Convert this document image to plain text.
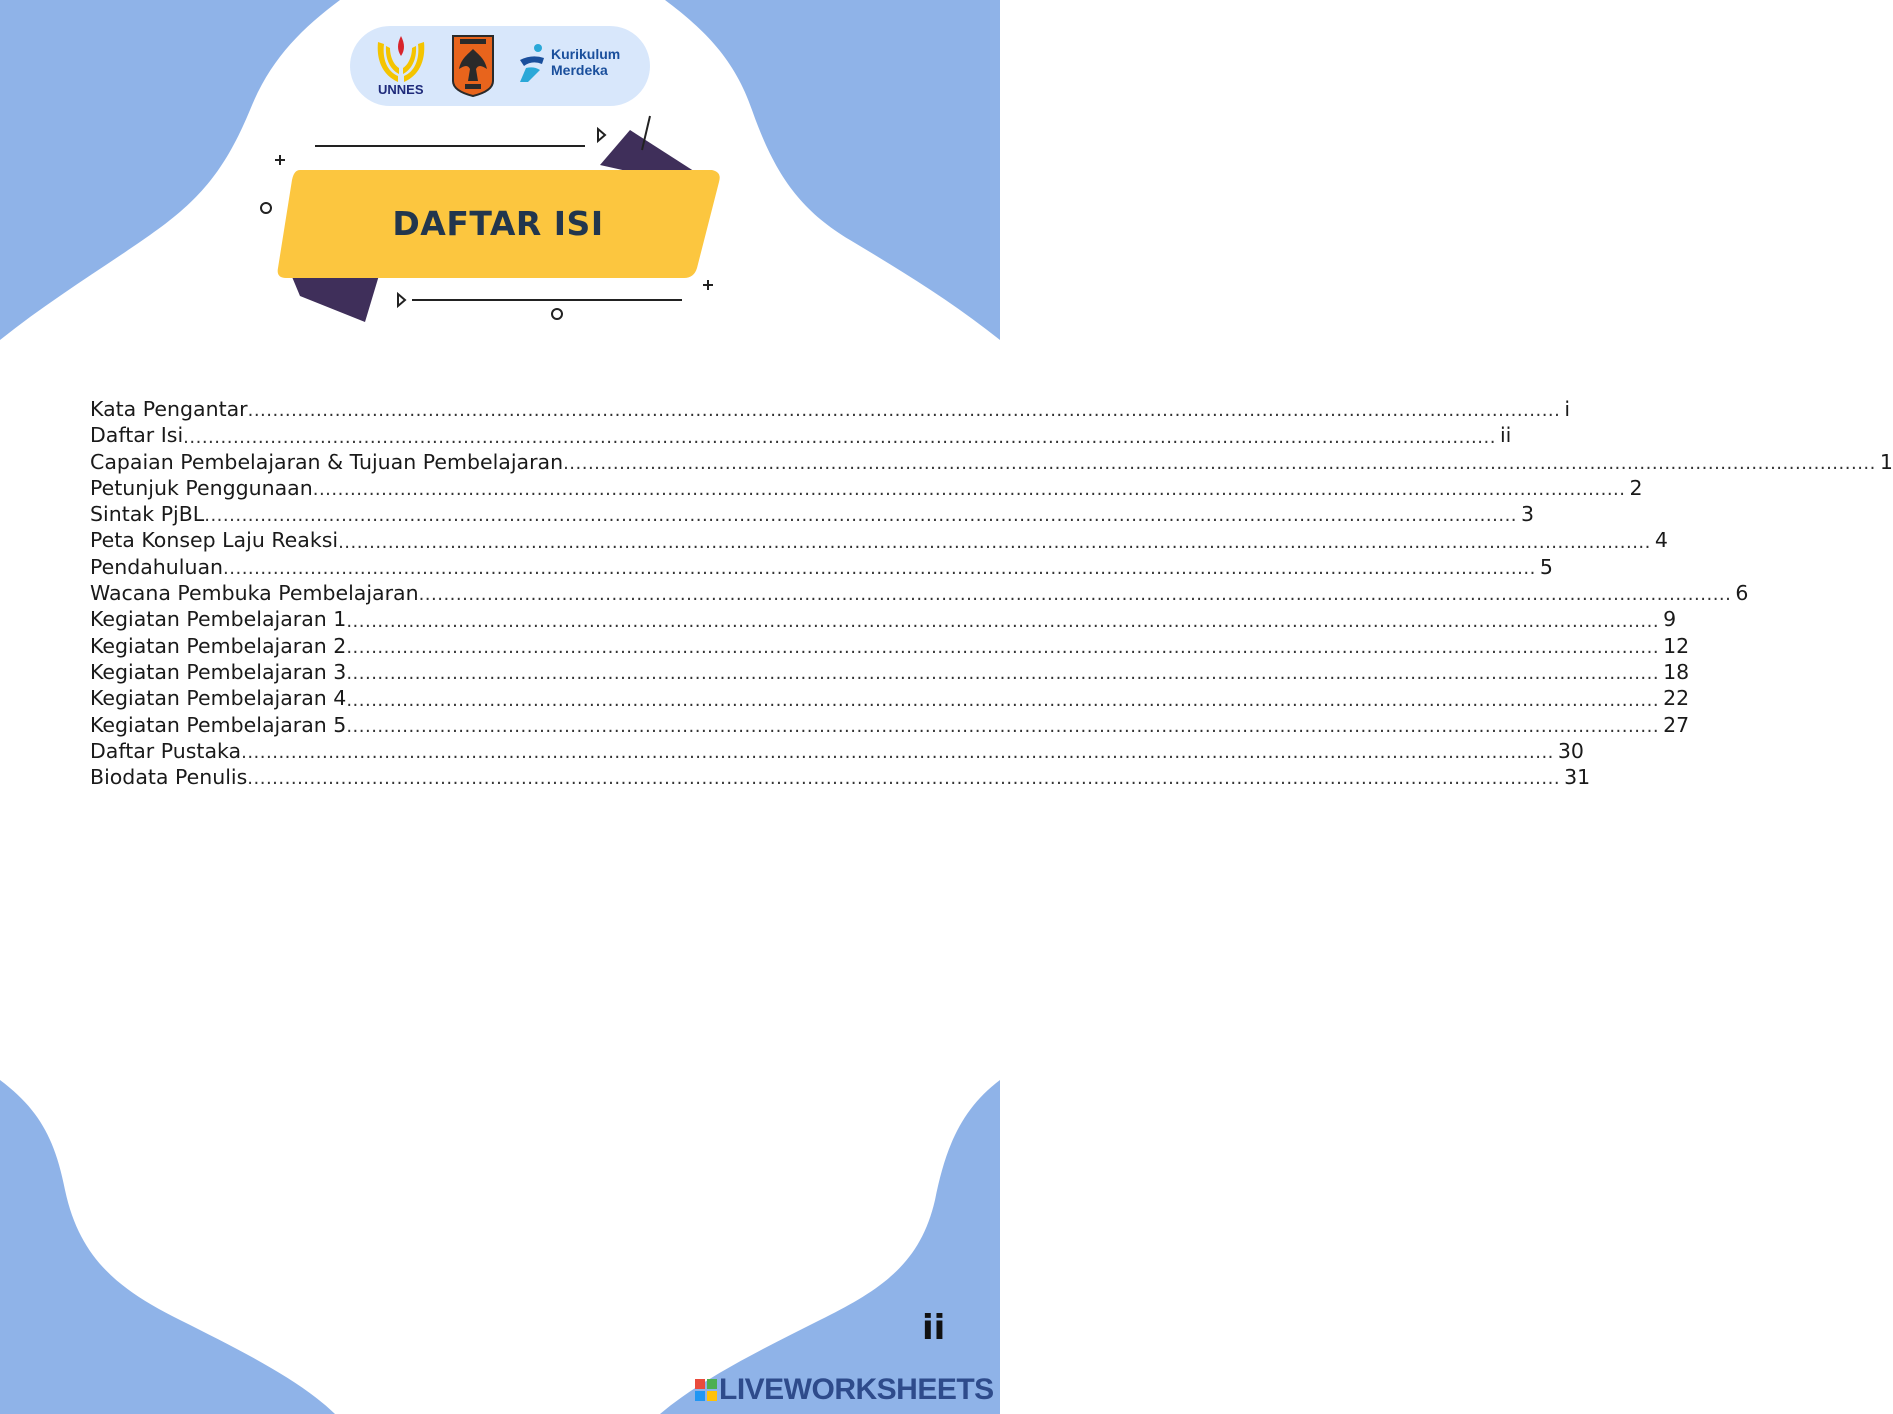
UNNES
Kurikulum
Merdeka
DAFTAR ISI
Kata Pengantar ................................................................................................................................................................................................................... i
Daftar Isi ................................................................................................................................................................................................................... ii
Capaian Pembelajaran & Tujuan Pembelajaran ................................................................................................................................................................................................................... 1
Petunjuk Penggunaan ................................................................................................................................................................................................................... 2
Sintak PjBL ................................................................................................................................................................................................................... 3
Peta Konsep Laju Reaksi ................................................................................................................................................................................................................... 4
Pendahuluan ................................................................................................................................................................................................................... 5
Wacana Pembuka Pembelajaran ................................................................................................................................................................................................................... 6
Kegiatan Pembelajaran 1 ................................................................................................................................................................................................................... 9
Kegiatan Pembelajaran 2 ................................................................................................................................................................................................................... 12
Kegiatan Pembelajaran 3 ................................................................................................................................................................................................................... 18
Kegiatan Pembelajaran 4 ................................................................................................................................................................................................................... 22
Kegiatan Pembelajaran 5 ................................................................................................................................................................................................................... 27
Daftar Pustaka ................................................................................................................................................................................................................... 30
Biodata Penulis ................................................................................................................................................................................................................... 31
ii
LIVEWORKSHEETS
